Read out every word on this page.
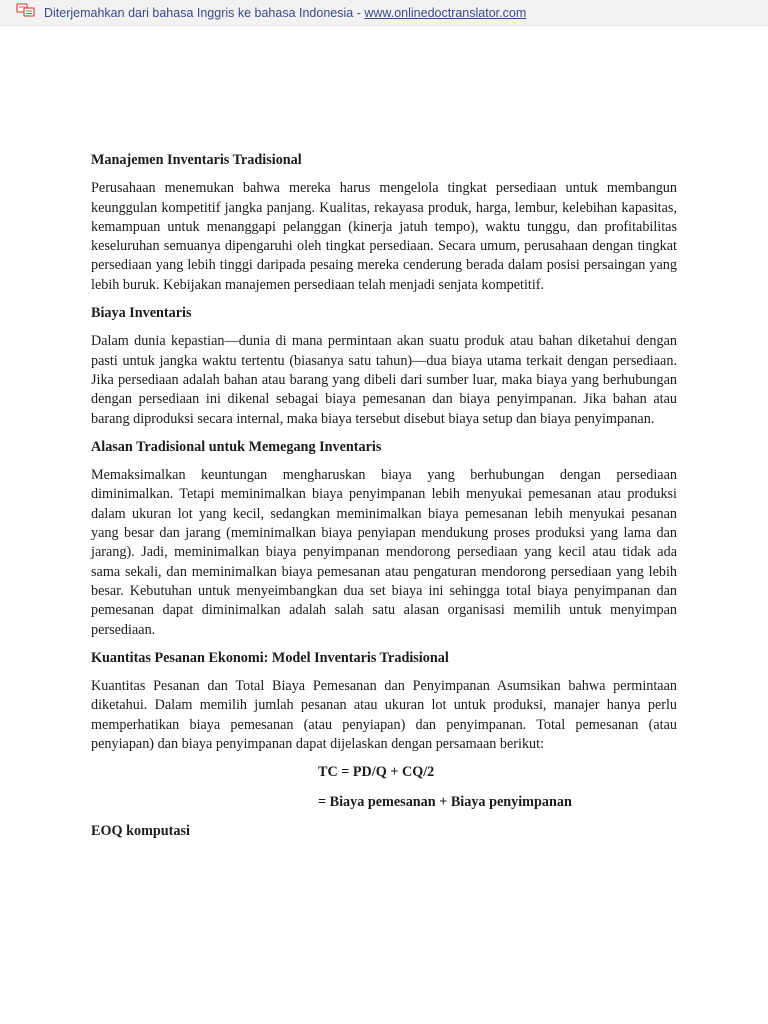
Diterjemahkan dari bahasa Inggris ke bahasa Indonesia - www.onlinedoctranslator.com
Manajemen Inventaris Tradisional

Perusahaan menemukan bahwa mereka harus mengelola tingkat persediaan untuk membangun keunggulan kompetitif jangka panjang. Kualitas, rekayasa produk, harga, lembur, kelebihan kapasitas, kemampuan untuk menanggapi pelanggan (kinerja jatuh tempo), waktu tunggu, dan profitabilitas keseluruhan semuanya dipengaruhi oleh tingkat persediaan. Secara umum, perusahaan dengan tingkat persediaan yang lebih tinggi daripada pesaing mereka cenderung berada dalam posisi persaingan yang lebih buruk. Kebijakan manajemen persediaan telah menjadi senjata kompetitif.

Biaya Inventaris

Dalam dunia kepastian—dunia di mana permintaan akan suatu produk atau bahan diketahui dengan pasti untuk jangka waktu tertentu (biasanya satu tahun)—dua biaya utama terkait dengan persediaan. Jika persediaan adalah bahan atau barang yang dibeli dari sumber luar, maka biaya yang berhubungan dengan persediaan ini dikenal sebagai biaya pemesanan dan biaya penyimpanan. Jika bahan atau barang diproduksi secara internal, maka biaya tersebut disebut biaya setup dan biaya penyimpanan.

Alasan Tradisional untuk Memegang Inventaris

Memaksimalkan keuntungan mengharuskan biaya yang berhubungan dengan persediaan diminimalkan. Tetapi meminimalkan biaya penyimpanan lebih menyukai pemesanan atau produksi dalam ukuran lot yang kecil, sedangkan meminimalkan biaya pemesanan lebih menyukai pesanan yang besar dan jarang (meminimalkan biaya penyiapan mendukung proses produksi yang lama dan jarang). Jadi, meminimalkan biaya penyimpanan mendorong persediaan yang kecil atau tidak ada sama sekali, dan meminimalkan biaya pemesanan atau pengaturan mendorong persediaan yang lebih besar. Kebutuhan untuk menyeimbangkan dua set biaya ini sehingga total biaya penyimpanan dan pemesanan dapat diminimalkan adalah salah satu alasan organisasi memilih untuk menyimpan persediaan.

Kuantitas Pesanan Ekonomi: Model Inventaris Tradisional

Kuantitas Pesanan dan Total Biaya Pemesanan dan Penyimpanan Asumsikan bahwa permintaan diketahui. Dalam memilih jumlah pesanan atau ukuran lot untuk produksi, manajer hanya perlu memperhatikan biaya pemesanan (atau penyiapan) dan penyimpanan. Total pemesanan (atau penyiapan) dan biaya penyimpanan dapat dijelaskan dengan persamaan berikut:

TC = PD/Q + CQ/2
= Biaya pemesanan + Biaya penyimpanan
EOQ komputasi
